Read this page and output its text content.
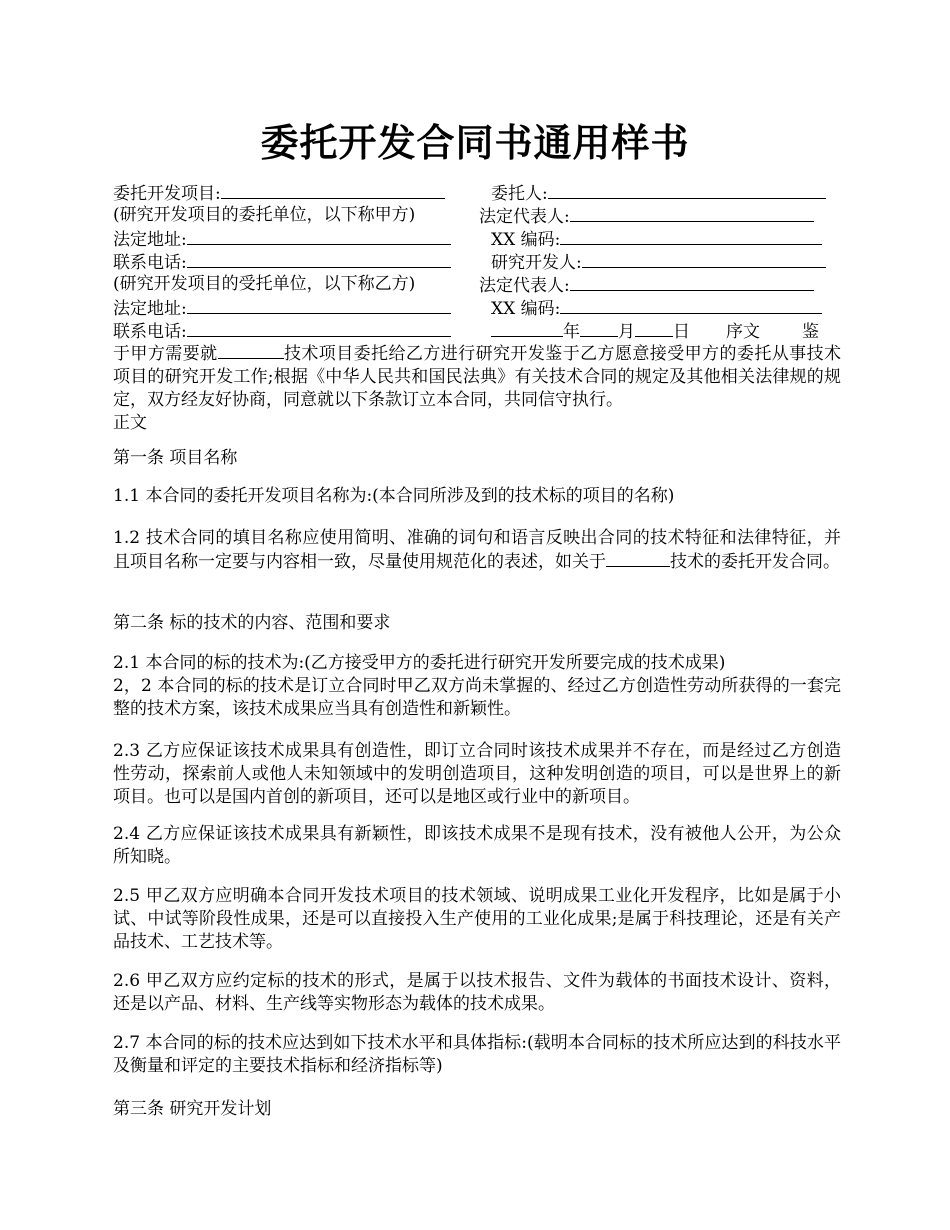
委托开发合同书通用样书
委托开发项目:
(研究开发项目的委托单位，以下称甲方)
法定地址:
联系电话:
(研究开发项目的受托单位，以下称乙方)
法定地址:
联系电话:
委托人:
法定代表人:
XX 编码:
研究开发人:
法定代表人:
XX 编码:
年 月 日 序文 鉴

于甲方需要就	技术项目委托给乙方进行研究开发鉴于乙方愿意接受甲方的委托从事技术项目的研究开发工作;根据《中华人民共和国民法典》有关技术合同的规定及其他相关法律规的规定，双方经友好协商，同意就以下条款订立本合同，共同信守执行。

正文

第一条 项目名称

1.1 本合同的委托开发项目名称为:(本合同所涉及到的技术标的项目的名称)

1.2 技术合同的填目名称应使用简明、准确的词句和语言反映出合同的技术特征和法律特征，并且项目名称一定要与内容相一致，尽量使用规范化的表述，如关于	技术的委托开发合同。

第二条 标的技术的内容、范围和要求

2.1 本合同的标的技术为:(乙方接受甲方的委托进行研究开发所要完成的技术成果)

2，2 本合同的标的技术是订立合同时甲乙双方尚未掌握的、经过乙方创造性劳动所获得的一套完整的技术方案，该技术成果应当具有创造性和新颖性。

2.3 乙方应保证该技术成果具有创造性，即订立合同时该技术成果并不存在，而是经过乙方创造性劳动，探索前人或他人未知领域中的发明创造项目，这种发明创造的项目，可以是世界上的新项目。也可以是国内首创的新项目，还可以是地区或行业中的新项目。

2.4 乙方应保证该技术成果具有新颖性，即该技术成果不是现有技术，没有被他人公开，为公众所知晓。

2.5 甲乙双方应明确本合同开发技术项目的技术领域、说明成果工业化开发程序，比如是属于小试、中试等阶段性成果，还是可以直接投入生产使用的工业化成果;是属于科技理论，还是有关产品技术、工艺技术等。

2.6 甲乙双方应约定标的技术的形式，是属于以技术报告、文件为载体的书面技术设计、资料，还是以产品、材料、生产线等实物形态为载体的技术成果。

2.7 本合同的标的技术应达到如下技术水平和具体指标:(载明本合同标的技术所应达到的科技水平及衡量和评定的主要技术指标和经济指标等)

第三条 研究开发计划
